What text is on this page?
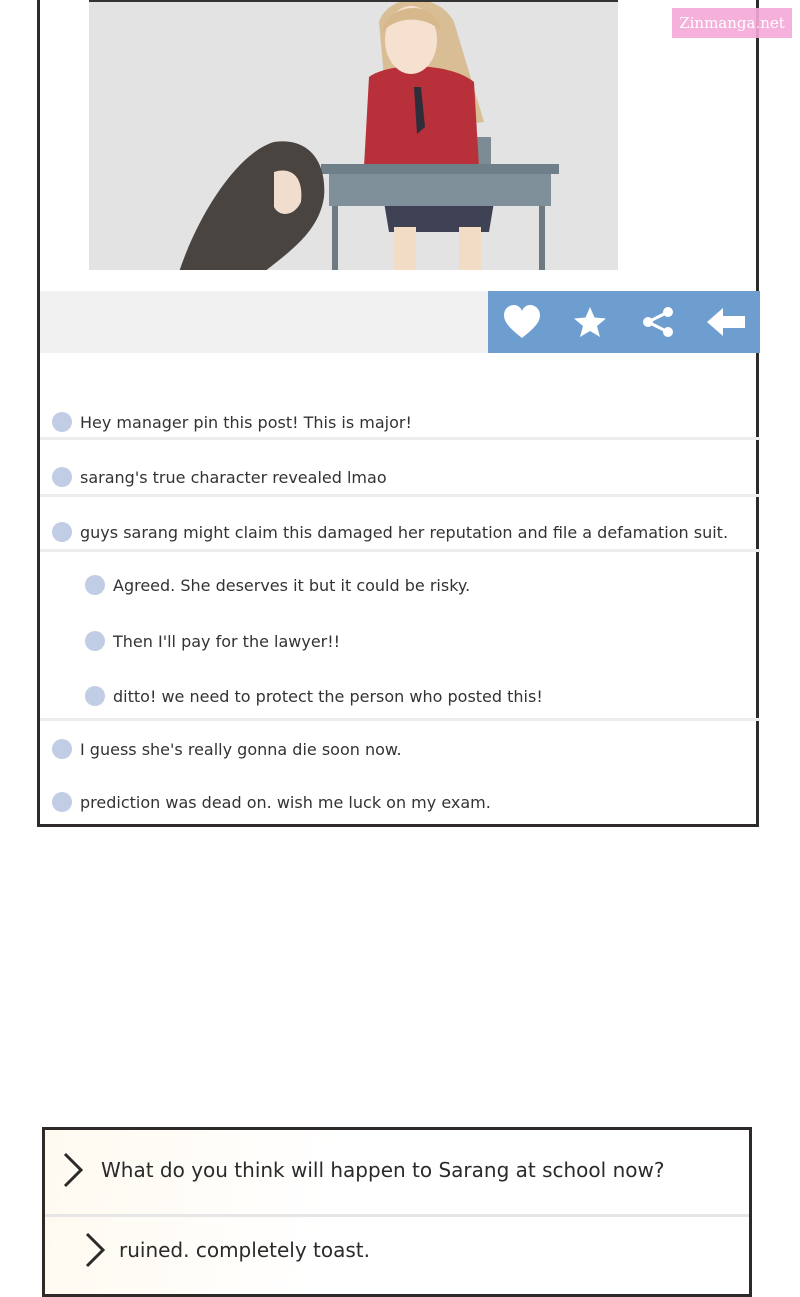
Zinmanga.net
Hey manager pin this post! This is major!
sarang's true character revealed lmao
guys sarang might claim this damaged her reputation and file a defamation suit.
Agreed. She deserves it but it could be risky.
Then I'll pay for the lawyer!!
ditto! we need to protect the person who posted this!
I guess she's really gonna die soon now.
prediction was dead on. wish me luck on my exam.
What do you think will happen to Sarang at school now?
ruined. completely toast.
